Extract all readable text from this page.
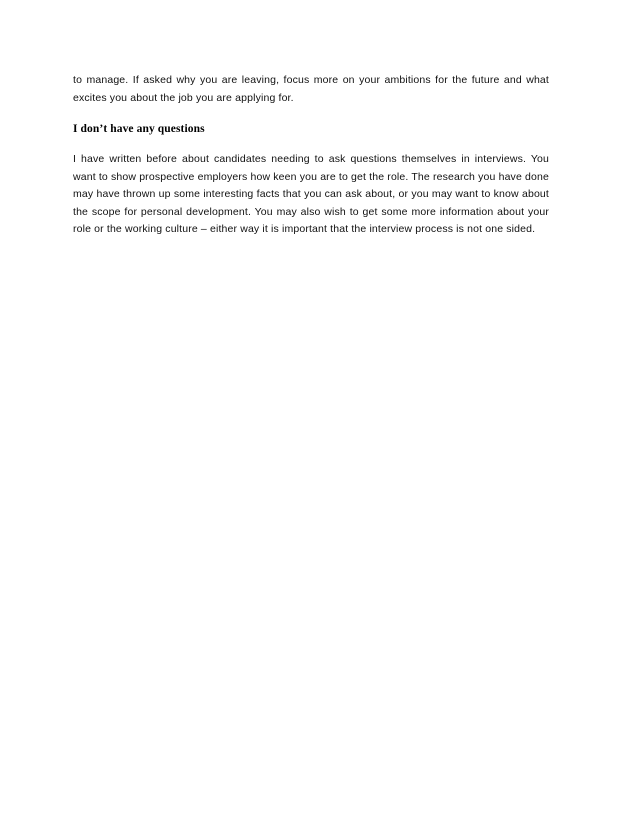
to manage. If asked why you are leaving, focus more on your ambitions for the future and what excites you about the job you are applying for.

I don’t have any questions

I have written before about candidates needing to ask questions themselves in interviews. You want to show prospective employers how keen you are to get the role. The research you have done may have thrown up some interesting facts that you can ask about, or you may want to know about the scope for personal development. You may also wish to get some more information about your role or the working culture – either way it is important that the interview process is not one sided.
